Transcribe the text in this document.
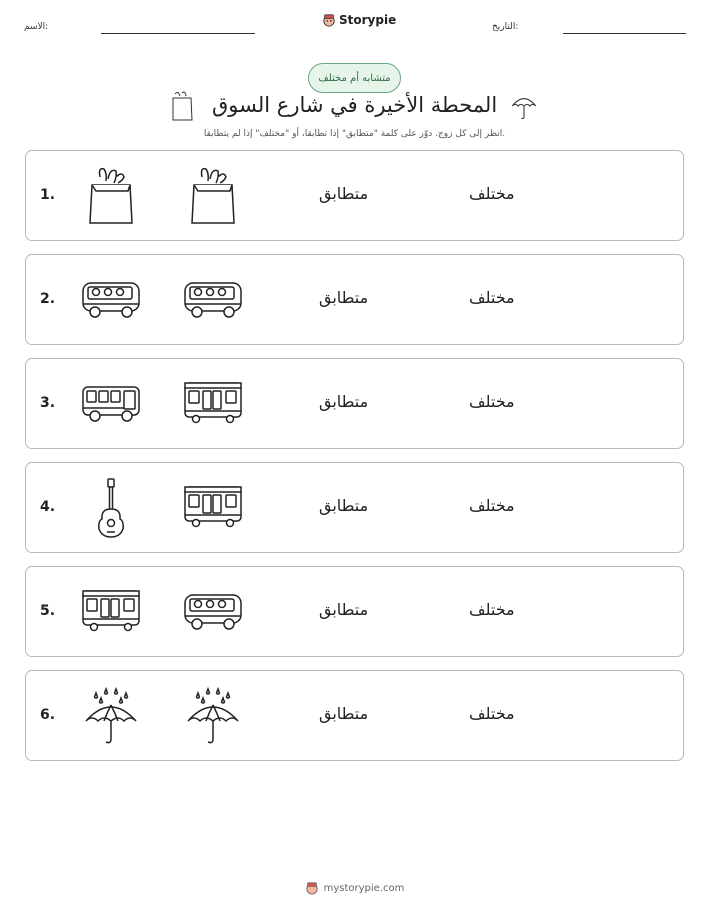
الاسم:	Storypie	التاريخ:
متشابه أم مختلف
المحطة الأخيرة في شارع السوق
انظر إلى كل زوج. دوّر على كلمة "متطابق" إذا تطابقا، أو "مختلف" إذا لم يتطابقا.
1.	متطابق	مختلف
2.	متطابق	مختلف
3.	متطابق	مختلف
4.	متطابق	مختلف
5.	متطابق	مختلف
6.	متطابق	مختلف
mystorypie.com
